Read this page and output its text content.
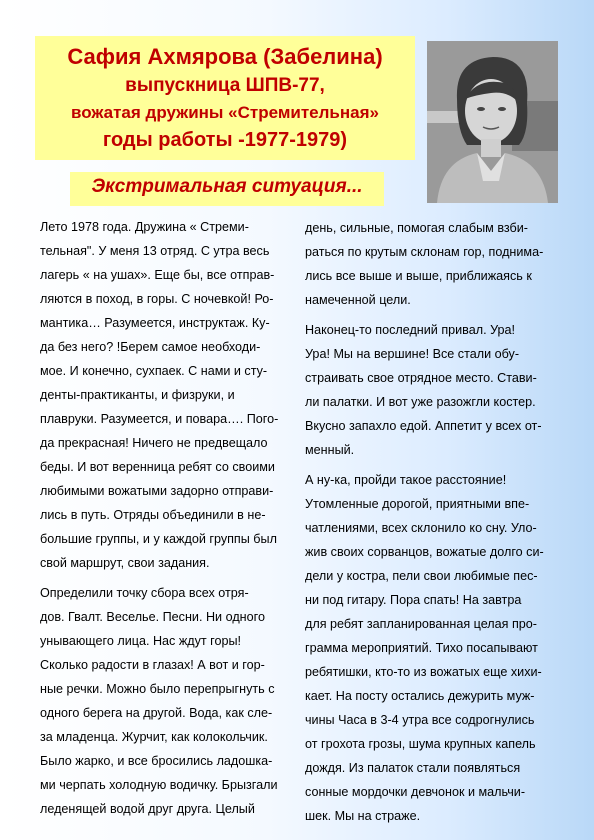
Сафия Ахмярова (Забелина)
выпускница ШПВ-77,
вожатая дружины «Стремительная»
годы работы -1977-1979)
Экстримальная ситуация...

Лето 1978 года. Дружина « Стреми-
тельная". У меня 13 отряд. С утра весь
лагерь « на ушах». Еще бы, все отправ-
ляются в поход, в горы. С ночевкой! Ро-
мантика… Разумеется, инструктаж. Ку-
да без него? !Берем самое необходи-
мое. И конечно, сухпаек. С нами и сту-
денты-практиканты, и физруки, и
плавруки. Разумеется, и повара…. Пого-
да прекрасная! Ничего не предвещало
беды. И вот веренница ребят со своими
любимыми вожатыми задорно отправи-
лись в путь. Отряды объединили в не-
большие группы, и у каждой группы был
свой маршрут, свои задания.

Определили точку сбора всех отря-
дов. Гвалт. Веселье. Песни. Ни одного
унывающего лица. Нас ждут горы!
Сколько радости в глазах! А вот и гор-
ные речки. Можно было перепрыгнуть с
одного берега на другой. Вода, как сле-
за младенца. Журчит, как колокольчик.
Было жарко, и все бросились ладошка-
ми черпать холодную водичку. Брызгали
леденящей водой друг друга. Целый

день, сильные, помогая слабым взби-
раться по крутым склонам гор, поднима-
лись все выше и выше, приближаясь к
намеченной цели.

Наконец-то последний привал. Ура!
Ура! Мы на вершине! Все стали обу-
страивать свое отрядное место. Стави-
ли палатки. И вот уже разожгли костер.
Вкусно запахло едой. Аппетит у всех от-
менный.

А ну-ка, пройди такое расстояние!
Утомленные дорогой, приятными впе-
чатлениями, всех склонило ко сну. Уло-
жив своих сорванцов, вожатые долго си-
дели у костра, пели свои любимые пес-
ни под гитару. Пора спать! На завтра
для ребят запланированная целая про-
грамма мероприятий. Тихо посапывают
ребятишки, кто-то из вожатых еще хихи-
кает. На посту остались дежурить муж-
чины Часа в 3-4 утра все содрогнулись
от грохота грозы, шума крупных капель
дождя. Из палаток стали появляться
сонные мордочки девчонок и мальчи-
шек. Мы на страже.
